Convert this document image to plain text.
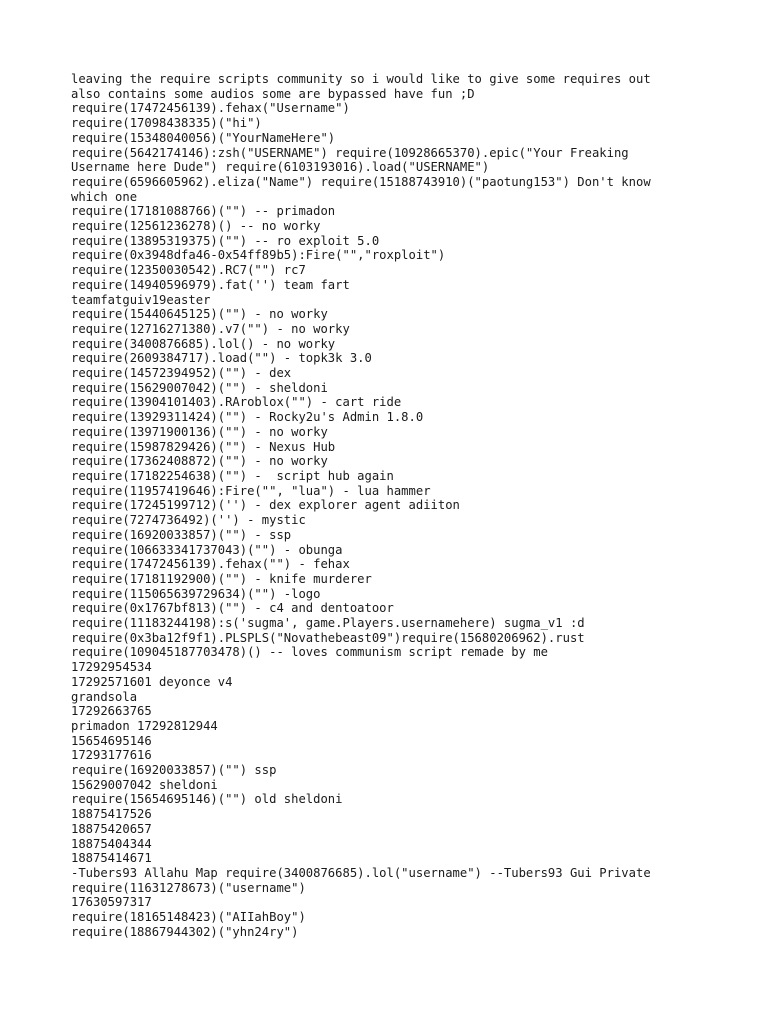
leaving the require scripts community so i would like to give some requires out
also contains some audios some are bypassed have fun ;D
require(17472456139).fehax("Username")
require(17098438335)("hi")
require(15348040056)("YourNameHere")
require(5642174146):zsh("USERNAME") require(10928665370).epic("Your Freaking
Username here Dude") require(6103193016).load("USERNAME")
require(6596605962).eliza("Name") require(15188743910)("paotung153") Don't know
which one
require(17181088766)("") -- primadon
require(12561236278)() -- no worky
require(13895319375)("") -- ro exploit 5.0
require(0x3948dfa46-0x54ff89b5):Fire("","roxploit")
require(12350030542).RC7("") rc7
require(14940596979).fat('') team fart
teamfatguiv19easter
require(15440645125)("") - no worky
require(12716271380).v7("") - no worky
require(3400876685).lol() - no worky
require(2609384717).load("") - topk3k 3.0
require(14572394952)("") - dex
require(15629007042)("") - sheldoni
require(13904101403).RAroblox("") - cart ride
require(13929311424)("") - Rocky2u's Admin 1.8.0
require(13971900136)("") - no worky
require(15987829426)("") - Nexus Hub
require(17362408872)("") - no worky
require(17182254638)("") -  script hub again
require(11957419646):Fire("", "lua") - lua hammer
require(17245199712)('') - dex explorer agent adiiton
require(7274736492)('') - mystic
require(16920033857)("") - ssp
require(106633341737043)("") - obunga
require(17472456139).fehax("") - fehax
require(17181192900)("") - knife murderer
require(115065639729634)("") -logo
require(0x1767bf813)("") - c4 and dentoatoor
require(11183244198):s('sugma', game.Players.usernamehere) sugma_v1 :d
require(0x3ba12f9f1).PLSPLS("Novathebeast09")require(15680206962).rust
require(109045187703478)() -- loves communism script remade by me
17292954534
17292571601 deyonce v4
grandsola
17292663765
primadon 17292812944
15654695146
17293177616
require(16920033857)("") ssp
15629007042 sheldoni
require(15654695146)("") old sheldoni
18875417526
18875420657
18875404344
18875414671
-Tubers93 Allahu Map require(3400876685).lol("username") --Tubers93 Gui Private
require(11631278673)("username")
17630597317
require(18165148423)("AIIahBoy")
require(18867944302)("yhn24ry")
